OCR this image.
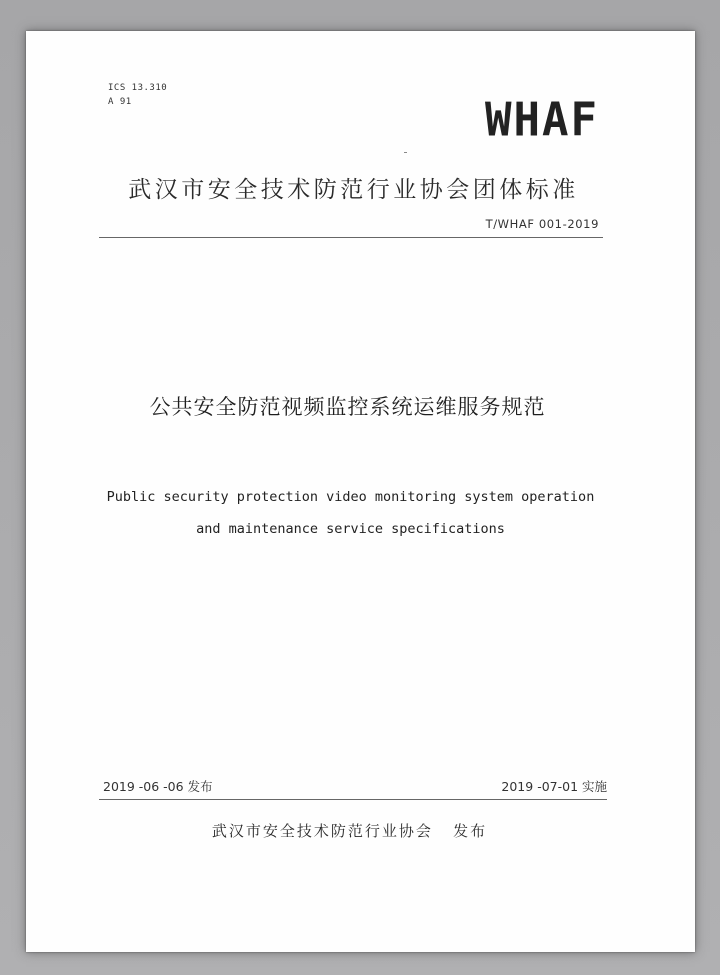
ICS 13.310
A 91	WHAF
武汉市安全技术防范行业协会团体标准
T/WHAF 001-2019
公共安全防范视频监控系统运维服务规范
Public security protection video monitoring system operation
and maintenance service specifications
2019 -06 -06 发布	2019 -07-01 实施
武汉市安全技术防范行业协会   发布
